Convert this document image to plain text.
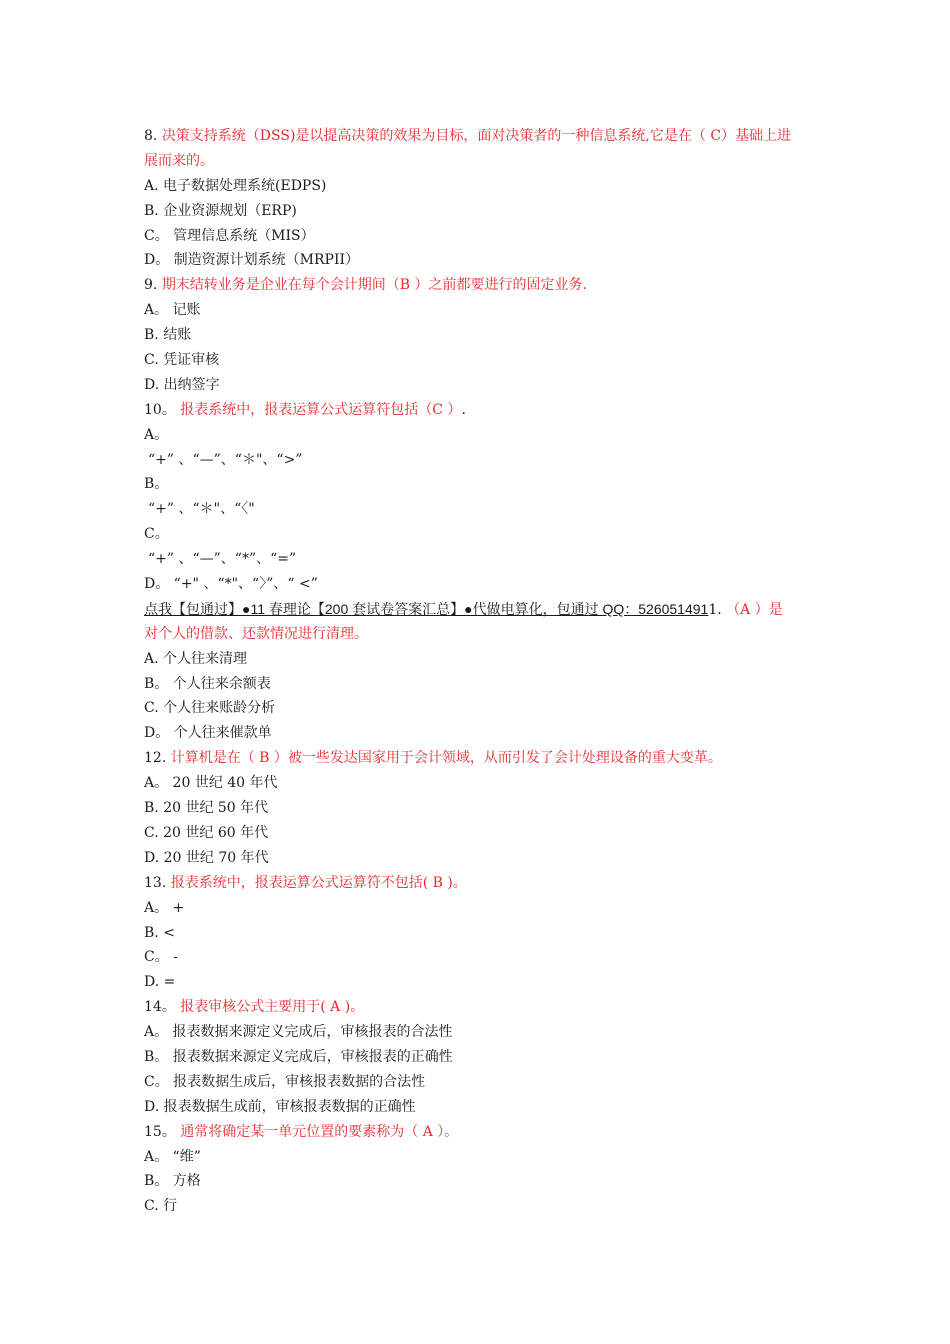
8. 决策支持系统（DSS)是以提高决策的效果为目标，面对决策者的一种信息系统,它是在（ C）基础上进
展而来的。
A. 电子数据处理系统(EDPS)
B. 企业资源规划（ERP)
C。 管理信息系统（MIS）
D。 制造资源计划系统（MRPII）
9. 期末结转业务是企业在每个会计期间（B ）之前都要进行的固定业务.
A。 记账
B. 结账
C. 凭证审核
D. 出纳签字
10。 报表系统中，报表运算公式运算符包括（C ）.
A。
“+” 、“—”、“＊"、“>”
B。
“+” 、“＊"、“〈"
C。
“+” 、“—”、“*”、“=”
D。 “+" 、“*"、“〉”、“ <”
点我【包通过】●11 春理论【200 套试卷答案汇总】●代做电算化，包通过 QQ：5260514911. （A ）是
对个人的借款、还款情况进行清理。
A. 个人往来清理
B。 个人往来余额表
C. 个人往来账龄分析
D。 个人往来催款单
12. 计算机是在（ B ）被一些发达国家用于会计领域，从而引发了会计处理设备的重大变革。
A。 20 世纪 40 年代
B. 20 世纪 50 年代
C. 20 世纪 60 年代
D. 20 世纪 70 年代
13. 报表系统中，报表运算公式运算符不包括( B )。
A。 +
B. <
C。 -
D. =
14。 报表审核公式主要用于( A )。
A。 报表数据来源定义完成后，审核报表的合法性
B。 报表数据来源定义完成后，审核报表的正确性
C。 报表数据生成后，审核报表数据的合法性
D. 报表数据生成前，审核报表数据的正确性
15。 通常将确定某一单元位置的要素称为（ A ）。
A。 “维”
B。 方格
C. 行
